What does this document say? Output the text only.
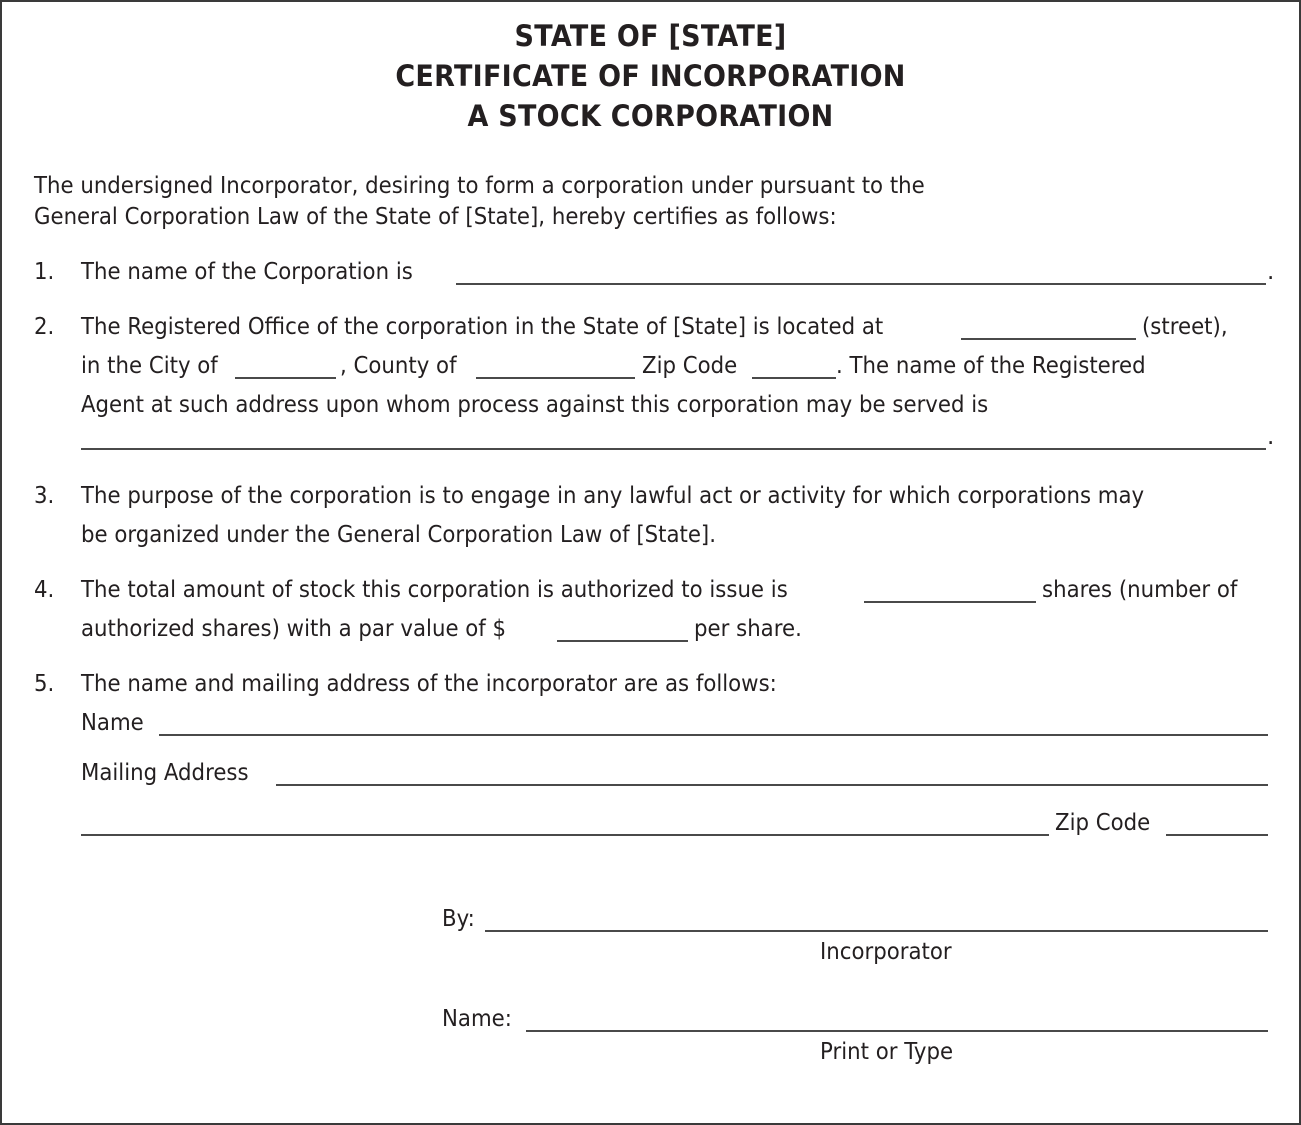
STATE OF [STATE]
CERTIFICATE OF INCORPORATION
A STOCK CORPORATION
The undersigned Incorporator, desiring to form a corporation under pursuant to the
General Corporation Law of the State of [State], hereby certifies as follows:
1. The name of the Corporation is	.
2. The Registered Office of the corporation in the State of [State] is located at	(street),
in the City of	, County of	Zip Code	. The name of the Registered
Agent at such address upon whom process against this corporation may be served is
.
3. The purpose of the corporation is to engage in any lawful act or activity for which corporations may
be organized under the General Corporation Law of [State].
4. The total amount of stock this corporation is authorized to issue is	shares (number of
authorized shares) with a par value of $	per share.
5. The name and mailing address of the incorporator are as follows:
Name
Mailing Address
Zip Code
By:
Incorporator
Name:
Print or Type
